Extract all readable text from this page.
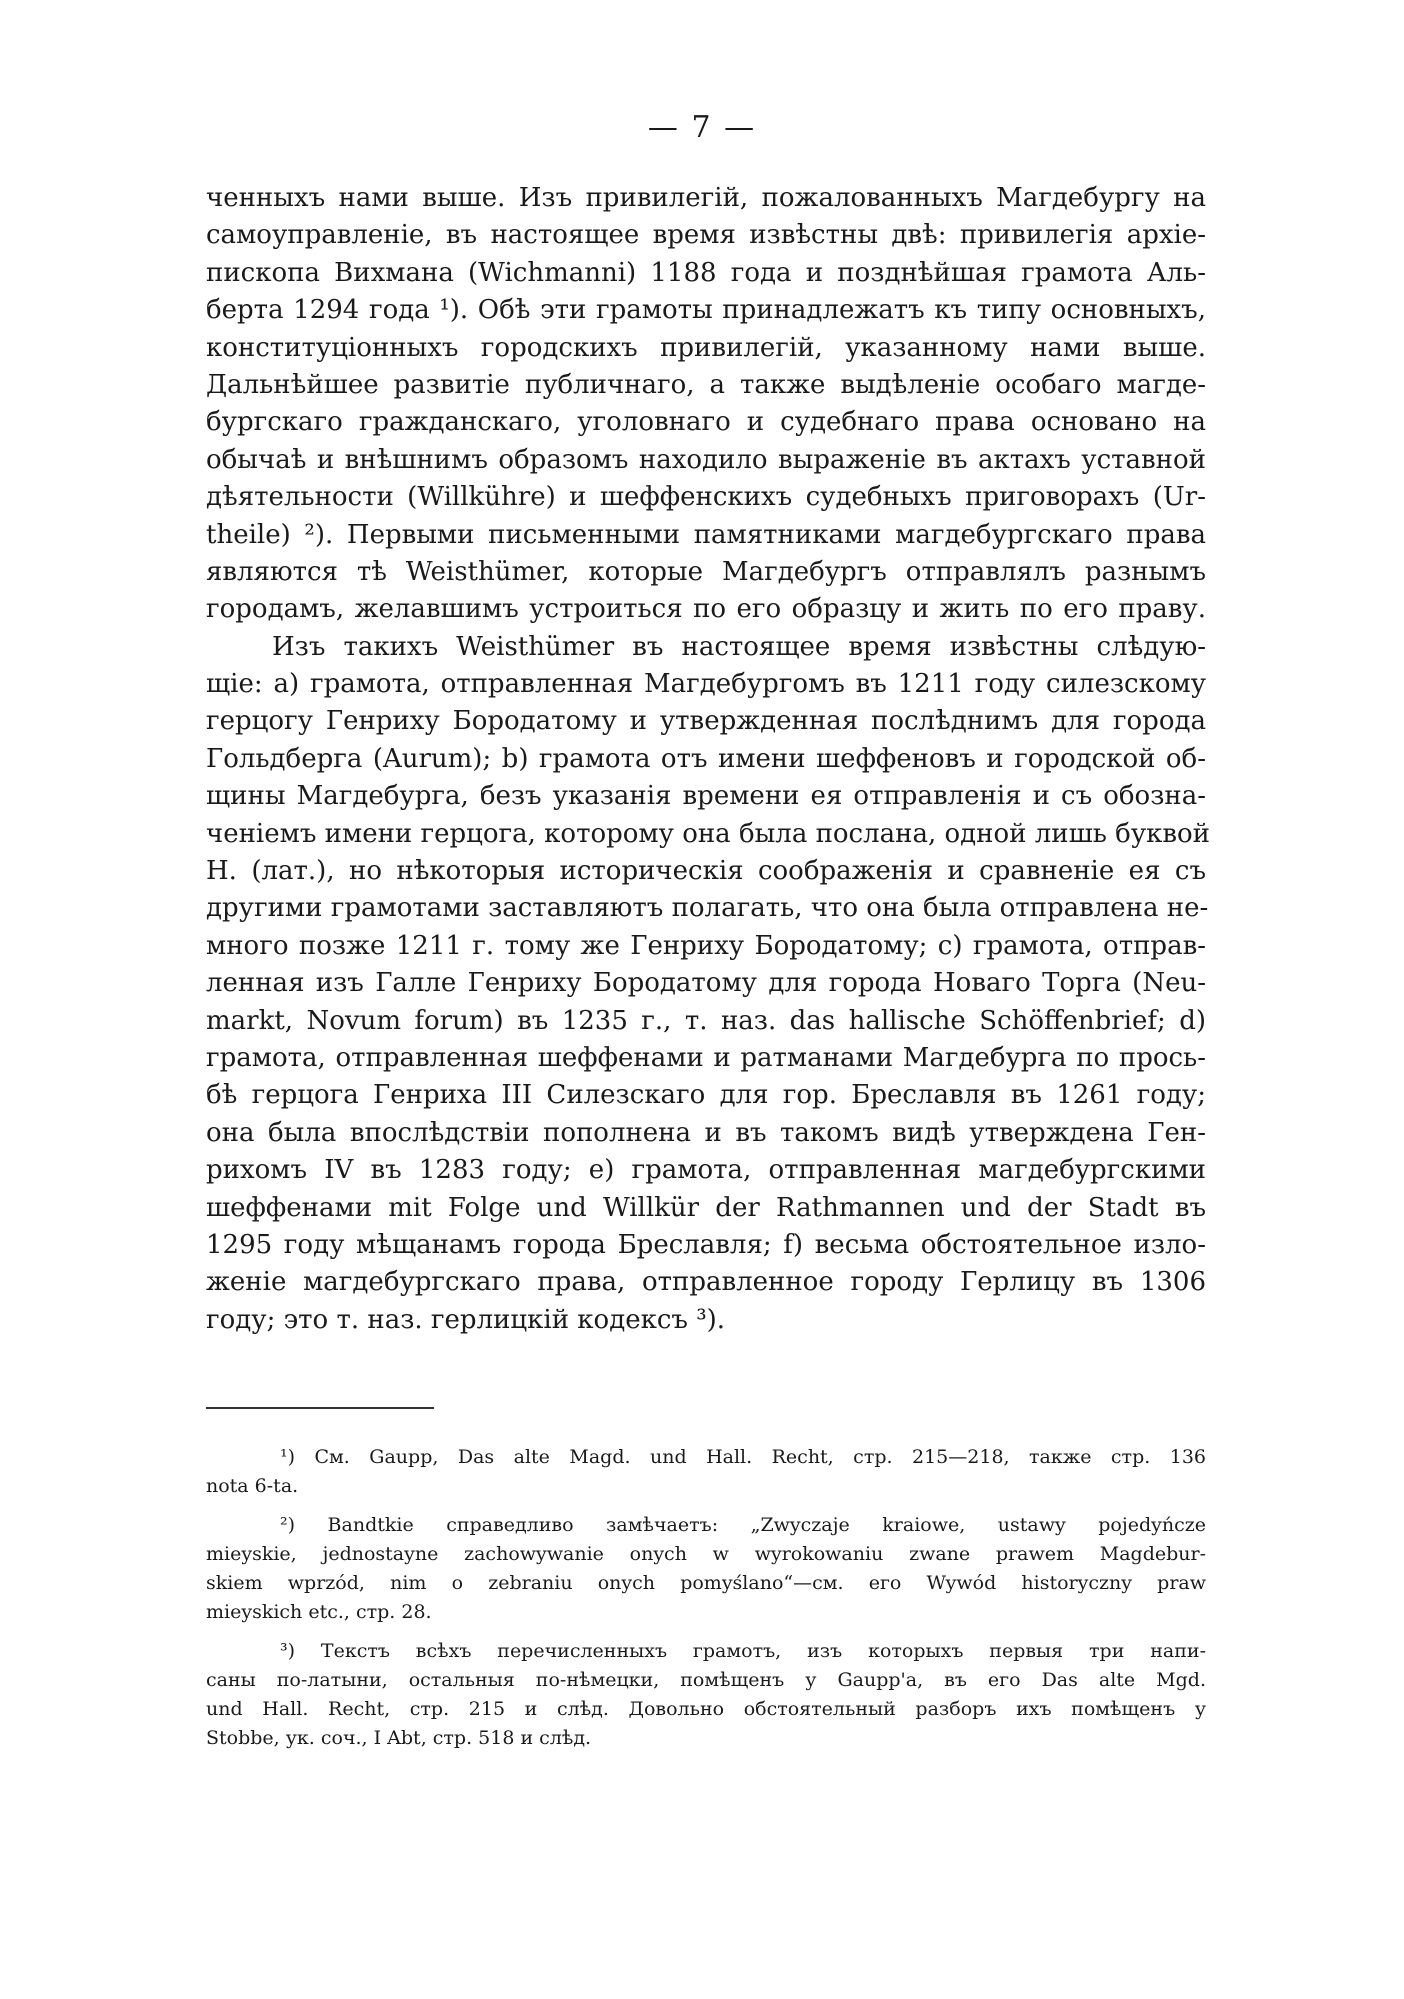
— 7 —
ченныхъ нами выше. Изъ привилегій, пожалованныхъ Магдебургу на
самоуправленіе, въ настоящее время извѣстны двѣ: привилегія архіе-
пископа Вихмана (Wichmanni) 1188 года и позднѣйшая грамота Аль-
берта 1294 года ¹). Обѣ эти грамоты принадлежатъ къ типу основныхъ,
конституціонныхъ городскихъ привилегій, указанному нами выше.
Дальнѣйшее развитіе публичнаго, а также выдѣленіе особаго магде-
бургскаго гражданскаго, уголовнаго и судебнаго права основано на
обычаѣ и внѣшнимъ образомъ находило выраженіе въ актахъ уставной
дѣятельности (Willkühre) и шеффенскихъ судебныхъ приговорахъ (Ur-
theile) ²). Первыми письменными памятниками магдебургскаго права
являются тѣ Weisthümer, которые Магдебургъ отправлялъ разнымъ
городамъ, желавшимъ устроиться по его образцу и жить по его праву.
Изъ такихъ Weisthümer въ настоящее время извѣстны слѣдую-
щіе: а) грамота, отправленная Магдебургомъ въ 1211 году силезскому
герцогу Генриху Бородатому и утвержденная послѣднимъ для города
Гольдберга (Aurum); b) грамота отъ имени шеффеновъ и городской об-
щины Магдебурга, безъ указанія времени ея отправленія и съ обозна-
ченіемъ имени герцога, которому она была послана, одной лишь буквой
H. (лат.), но нѣкоторыя историческія соображенія и сравненіе ея съ
другими грамотами заставляютъ полагать, что она была отправлена не-
много позже 1211 г. тому же Генриху Бородатому; c) грамота, отправ-
ленная изъ Галле Генриху Бородатому для города Новаго Торга (Neu-
markt, Novum forum) въ 1235 г., т. наз. das hallische Schöffenbrief; d)
грамота, отправленная шеффенами и ратманами Магдебурга по прось-
бѣ герцога Генриха III Силезскаго для гор. Бреславля въ 1261 году;
она была впослѣдствіи пополнена и въ такомъ видѣ утверждена Ген-
рихомъ IV въ 1283 году; e) грамота, отправленная магдебургскими
шеффенами mit Folge und Willkür der Rathmannen und der Stadt въ
1295 году мѣщанамъ города Бреславля; f) весьма обстоятельное изло-
женіе магдебургскаго права, отправленное городу Герлицу въ 1306
году; это т. наз. герлицкій кодексъ ³).
¹) См. Gaupp, Das alte Magd. und Hall. Recht, стр. 215—218, также стр. 136
nota 6-ta.
²) Bandtkie справедливо замѣчаетъ: „Zwyczaje kraiowe, ustawy pojedyńcze
mieyskie, jednostayne zachowywanie onych w wyrokowaniu zwane prawem Magdebur-
skiem wprzód, nim o zebraniu onych pomyślano“—см. его Wywód historyczny praw
mieyskich etc., стр. 28.
³) Текстъ всѣхъ перечисленныхъ грамотъ, изъ которыхъ первыя три напи-
саны по-латыни, остальныя по-нѣмецки, помѣщенъ у Gaupp'а, въ его Das alte Mgd.
und Hall. Recht, стр. 215 и слѣд. Довольно обстоятельный разборъ ихъ помѣщенъ у
Stobbe, ук. соч., I Abt, стр. 518 и слѣд.
